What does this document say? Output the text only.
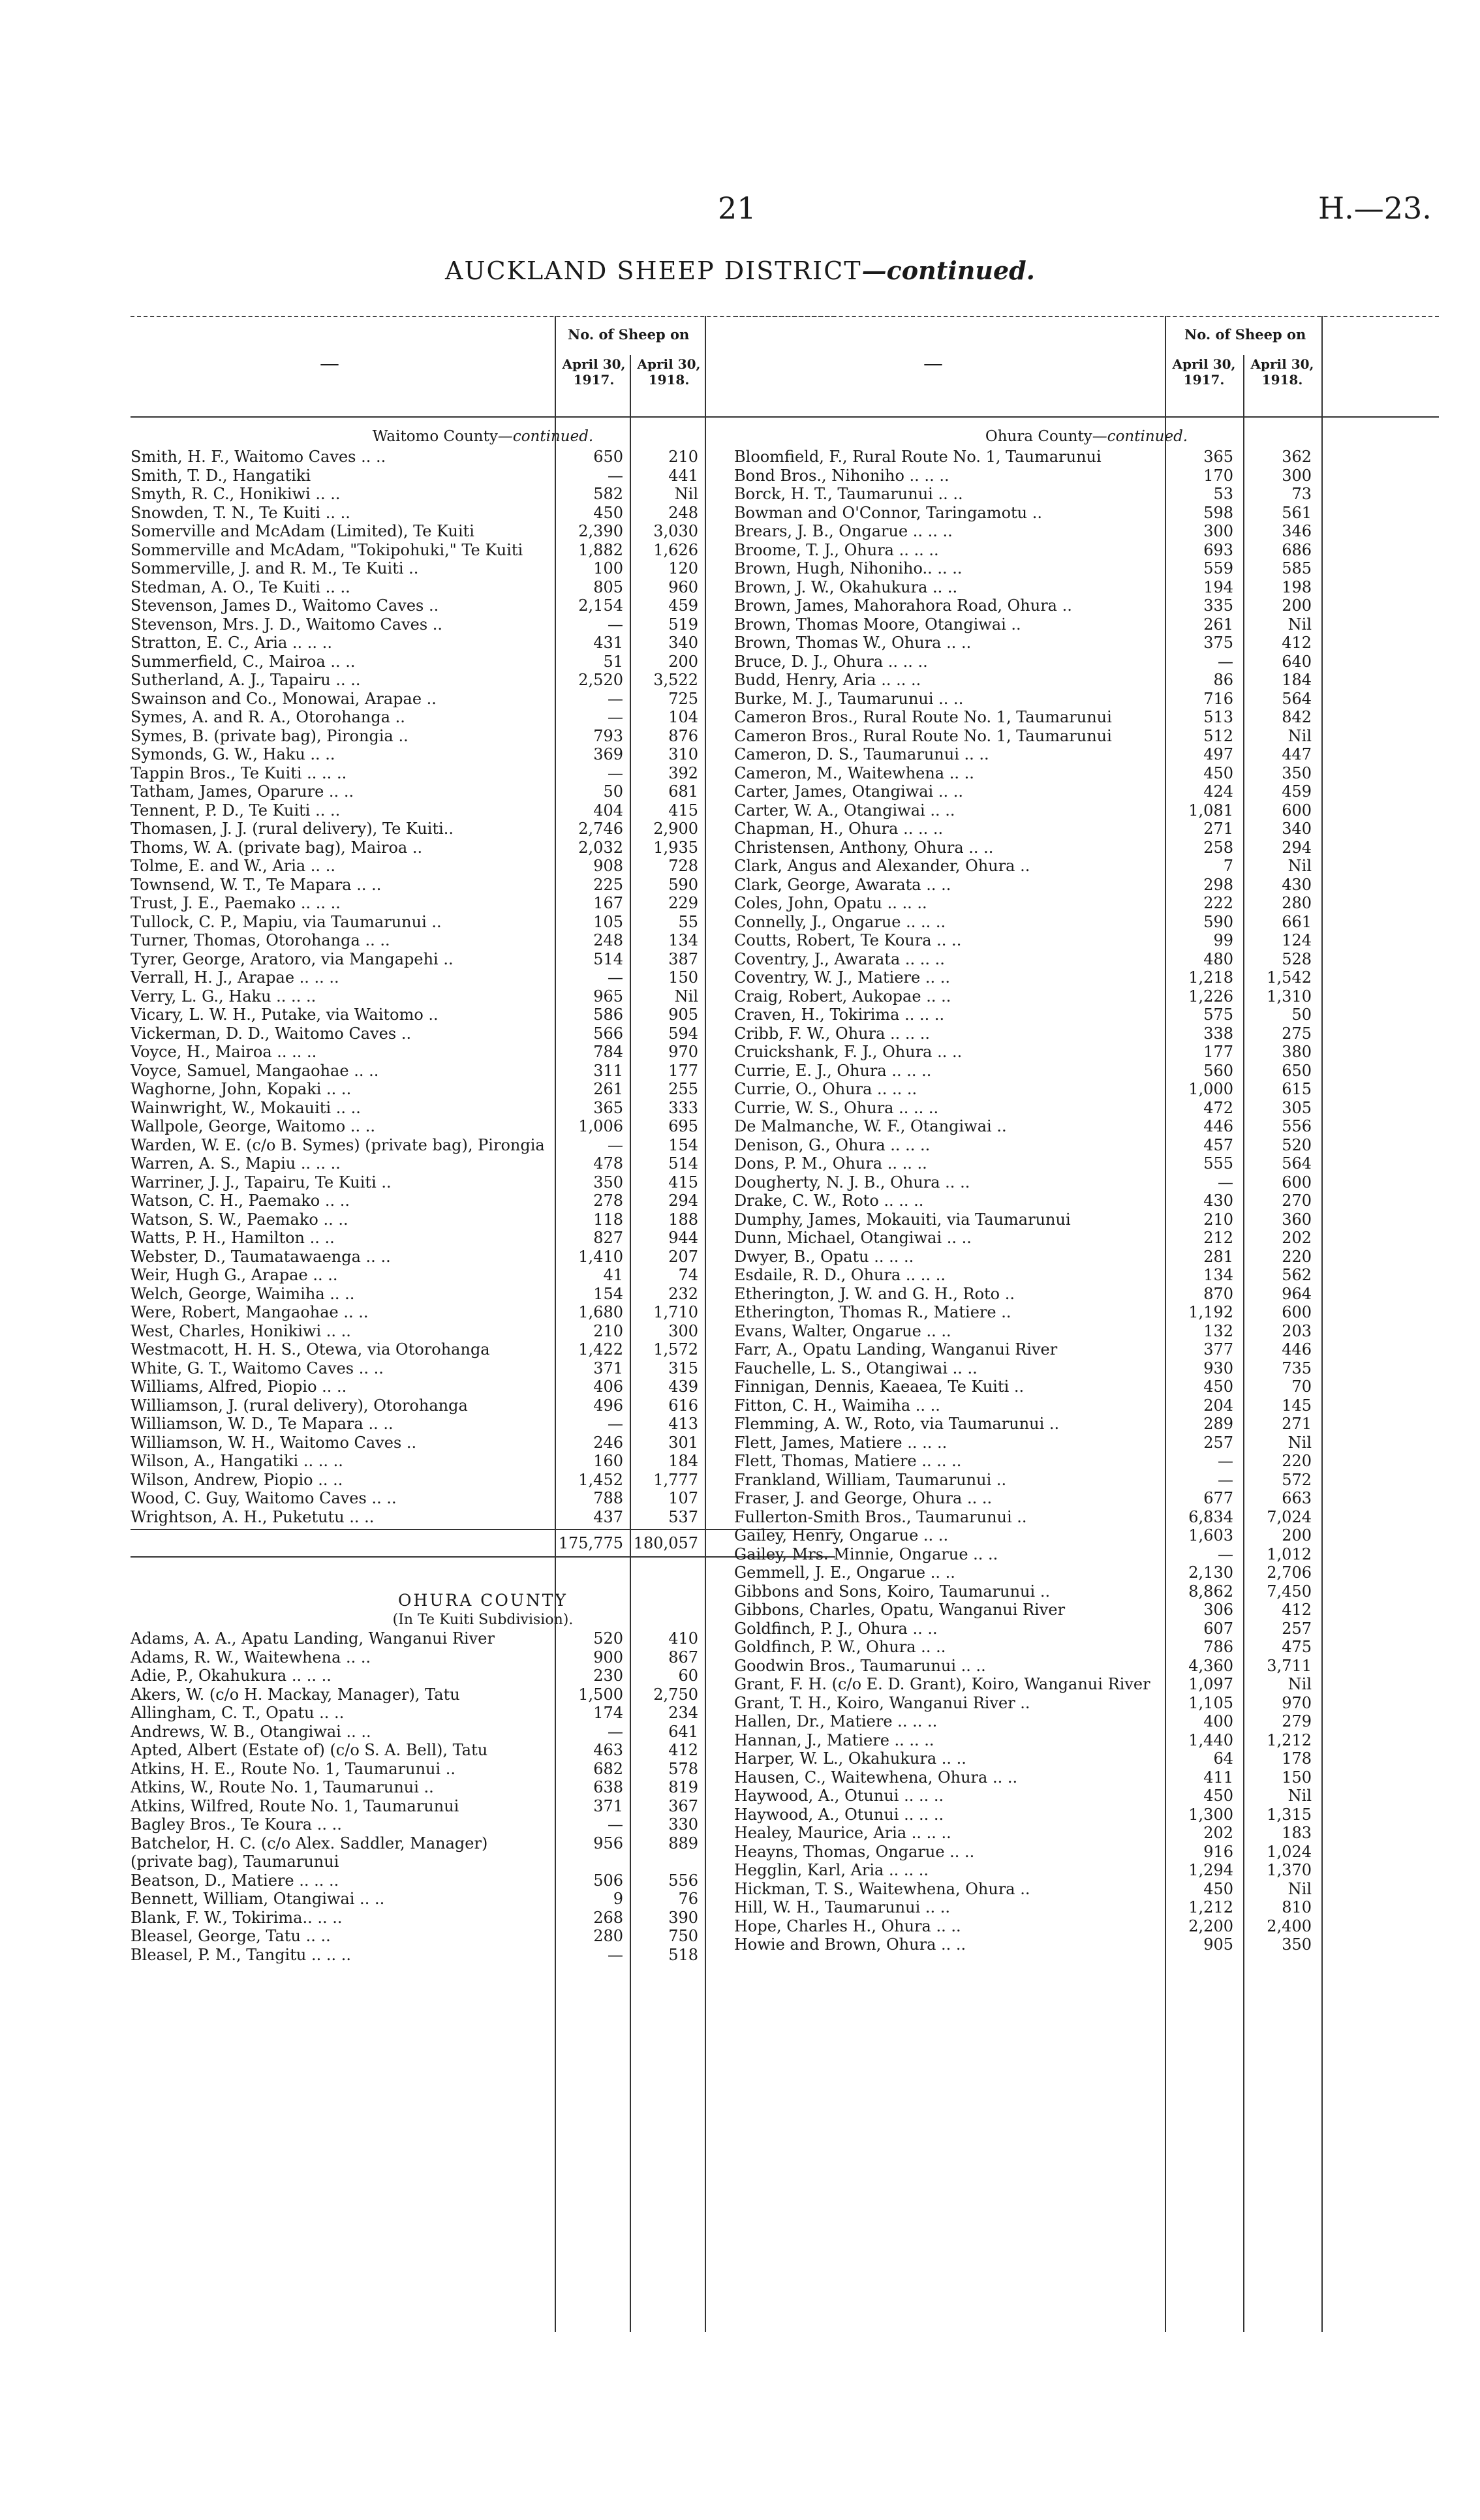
21	H.—23.
AUCKLAND SHEEP DISTRICT—continued.
—
No. of Sheep on
April 30, 1917.
April 30, 1918.
Waitomo County—continued.
Smith, H. F., Waitomo Caves .. ..	650	210
Smith, T. D., Hangatiki	—	441
Smyth, R. C., Honikiwi .. ..	582	Nil
Snowden, T. N., Te Kuiti .. ..	450	248
Somerville and McAdam (Limited), Te Kuiti	2,390	3,030
Sommerville and McAdam, "Tokipohuki," Te Kuiti	1,882	1,626
Sommerville, J. and R. M., Te Kuiti ..	100	120
Stedman, A. O., Te Kuiti .. ..	805	960
Stevenson, James D., Waitomo Caves ..	2,154	459
Stevenson, Mrs. J. D., Waitomo Caves ..	—	519
Stratton, E. C., Aria .. .. ..	431	340
Summerfield, C., Mairoa .. ..	51	200
Sutherland, A. J., Tapairu .. ..	2,520	3,522
Swainson and Co., Monowai, Arapae ..	—	725
Symes, A. and R. A., Otorohanga ..	—	104
Symes, B. (private bag), Pirongia ..	793	876
Symonds, G. W., Haku .. ..	369	310
Tappin Bros., Te Kuiti .. .. ..	—	392
Tatham, James, Oparure .. ..	50	681
Tennent, P. D., Te Kuiti .. ..	404	415
Thomasen, J. J. (rural delivery), Te Kuiti..	2,746	2,900
Thoms, W. A. (private bag), Mairoa ..	2,032	1,935
Tolme, E. and W., Aria .. ..	908	728
Townsend, W. T., Te Mapara .. ..	225	590
Trust, J. E., Paemako .. .. ..	167	229
Tullock, C. P., Mapiu, via Taumarunui ..	105	55
Turner, Thomas, Otorohanga .. ..	248	134
Tyrer, George, Aratoro, via Mangapehi ..	514	387
Verrall, H. J., Arapae .. .. ..	—	150
Verry, L. G., Haku .. .. ..	965	Nil
Vicary, L. W. H., Putake, via Waitomo ..	586	905
Vickerman, D. D., Waitomo Caves ..	566	594
Voyce, H., Mairoa .. .. ..	784	970
Voyce, Samuel, Mangaohae .. ..	311	177
Waghorne, John, Kopaki .. ..	261	255
Wainwright, W., Mokauiti .. ..	365	333
Wallpole, George, Waitomo .. ..	1,006	695
Warden, W. E. (c/o B. Symes) (private bag), Pirongia	—	154
Warren, A. S., Mapiu .. .. ..	478	514
Warriner, J. J., Tapairu, Te Kuiti ..	350	415
Watson, C. H., Paemako .. ..	278	294
Watson, S. W., Paemako .. ..	118	188
Watts, P. H., Hamilton .. ..	827	944
Webster, D., Taumatawaenga .. ..	1,410	207
Weir, Hugh G., Arapae .. ..	41	74
Welch, George, Waimiha .. ..	154	232
Were, Robert, Mangaohae .. ..	1,680	1,710
West, Charles, Honikiwi .. ..	210	300
Westmacott, H. H. S., Otewa, via Otorohanga	1,422	1,572
White, G. T., Waitomo Caves .. ..	371	315
Williams, Alfred, Piopio .. ..	406	439
Williamson, J. (rural delivery), Otorohanga	496	616
Williamson, W. D., Te Mapara .. ..	—	413
Williamson, W. H., Waitomo Caves ..	246	301
Wilson, A., Hangatiki .. .. ..	160	184
Wilson, Andrew, Piopio .. ..	1,452	1,777
Wood, C. Guy, Waitomo Caves .. ..	788	107
Wrightson, A. H., Puketutu .. ..	437	537
175,775 180,057
OHURA COUNTY
(In Te Kuiti Subdivision).
Adams, A. A., Apatu Landing, Wanganui River	520	410
Adams, R. W., Waitewhena .. ..	900	867
Adie, P., Okahukura .. .. ..	230	60
Akers, W. (c/o H. Mackay, Manager), Tatu	1,500	2,750
Allingham, C. T., Opatu .. ..	174	234
Andrews, W. B., Otangiwai .. ..	—	641
Apted, Albert (Estate of) (c/o S. A. Bell), Tatu	463	412
Atkins, H. E., Route No. 1, Taumarunui ..	682	578
Atkins, W., Route No. 1, Taumarunui ..	638	819
Atkins, Wilfred, Route No. 1, Taumarunui	371	367
Bagley Bros., Te Koura .. ..	—	330
Batchelor, H. C. (c/o Alex. Saddler, Manager) (private bag), Taumarunui
956	889
Beatson, D., Matiere .. .. ..	506	556
Bennett, William, Otangiwai .. ..	9	76
Blank, F. W., Tokirima.. .. ..	268	390
Bleasel, George, Tatu .. ..	280	750
Bleasel, P. M., Tangitu .. .. ..	—	518
—
No. of Sheep on
April 30, 1917.
April 30, 1918.
Ohura County—continued.
Bloomfield, F., Rural Route No. 1, Taumarunui	365	362
Bond Bros., Nihoniho .. .. ..	170	300
Borck, H. T., Taumarunui .. ..	53	73
Bowman and O'Connor, Taringamotu ..	598	561
Brears, J. B., Ongarue .. .. ..	300	346
Broome, T. J., Ohura .. .. ..	693	686
Brown, Hugh, Nihoniho.. .. ..	559	585
Brown, J. W., Okahukura .. ..	194	198
Brown, James, Mahorahora Road, Ohura ..	335	200
Brown, Thomas Moore, Otangiwai ..	261	Nil
Brown, Thomas W., Ohura .. ..	375	412
Bruce, D. J., Ohura .. .. ..	—	640
Budd, Henry, Aria .. .. ..	86	184
Burke, M. J., Taumarunui .. ..	716	564
Cameron Bros., Rural Route No. 1, Taumarunui	513	842
Cameron Bros., Rural Route No. 1, Taumarunui	512	Nil
Cameron, D. S., Taumarunui .. ..	497	447
Cameron, M., Waitewhena .. ..	450	350
Carter, James, Otangiwai .. ..	424	459
Carter, W. A., Otangiwai .. ..	1,081	600
Chapman, H., Ohura .. .. ..	271	340
Christensen, Anthony, Ohura .. ..	258	294
Clark, Angus and Alexander, Ohura ..	7	Nil
Clark, George, Awarata .. ..	298	430
Coles, John, Opatu .. .. ..	222	280
Connelly, J., Ongarue .. .. ..	590	661
Coutts, Robert, Te Koura .. ..	99	124
Coventry, J., Awarata .. .. ..	480	528
Coventry, W. J., Matiere .. ..	1,218	1,542
Craig, Robert, Aukopae .. ..	1,226	1,310
Craven, H., Tokirima .. .. ..	575	50
Cribb, F. W., Ohura .. .. ..	338	275
Cruickshank, F. J., Ohura .. ..	177	380
Currie, E. J., Ohura .. .. ..	560	650
Currie, O., Ohura .. .. ..	1,000	615
Currie, W. S., Ohura .. .. ..	472	305
De Malmanche, W. F., Otangiwai ..	446	556
Denison, G., Ohura .. .. ..	457	520
Dons, P. M., Ohura .. .. ..	555	564
Dougherty, N. J. B., Ohura .. ..	—	600
Drake, C. W., Roto .. .. ..	430	270
Dumphy, James, Mokauiti, via Taumarunui	210	360
Dunn, Michael, Otangiwai .. ..	212	202
Dwyer, B., Opatu .. .. ..	281	220
Esdaile, R. D., Ohura .. .. ..	134	562
Etherington, J. W. and G. H., Roto ..	870	964
Etherington, Thomas R., Matiere ..	1,192	600
Evans, Walter, Ongarue .. ..	132	203
Farr, A., Opatu Landing, Wanganui River	377	446
Fauchelle, L. S., Otangiwai .. ..	930	735
Finnigan, Dennis, Kaeaea, Te Kuiti ..	450	70
Fitton, C. H., Waimiha .. ..	204	145
Flemming, A. W., Roto, via Taumarunui ..	289	271
Flett, James, Matiere .. .. ..	257	Nil
Flett, Thomas, Matiere .. .. ..	—	220
Frankland, William, Taumarunui ..	—	572
Fraser, J. and George, Ohura .. ..	677	663
Fullerton-Smith Bros., Taumarunui ..	6,834	7,024
Gailey, Henry, Ongarue .. ..	1,603	200
Gailey, Mrs. Minnie, Ongarue .. ..	—	1,012
Gemmell, J. E., Ongarue .. ..	2,130	2,706
Gibbons and Sons, Koiro, Taumarunui ..	8,862	7,450
Gibbons, Charles, Opatu, Wanganui River	306	412
Goldfinch, P. J., Ohura .. ..	607	257
Goldfinch, P. W., Ohura .. ..	786	475
Goodwin Bros., Taumarunui .. ..	4,360	3,711
Grant, F. H. (c/o E. D. Grant), Koiro, Wanganui River	1,097	Nil
Grant, T. H., Koiro, Wanganui River ..	1,105	970
Hallen, Dr., Matiere .. .. ..	400	279
Hannan, J., Matiere .. .. ..	1,440	1,212
Harper, W. L., Okahukura .. ..	64	178
Hausen, C., Waitewhena, Ohura .. ..	411	150
Haywood, A., Otunui .. .. ..	450	Nil
Haywood, A., Otunui .. .. ..	1,300	1,315
Healey, Maurice, Aria .. .. ..	202	183
Heayns, Thomas, Ongarue .. ..	916	1,024
Hegglin, Karl, Aria .. .. ..	1,294	1,370
Hickman, T. S., Waitewhena, Ohura ..	450	Nil
Hill, W. H., Taumarunui .. ..	1,212	810
Hope, Charles H., Ohura .. ..	2,200	2,400
Howie and Brown, Ohura .. ..	905	350
